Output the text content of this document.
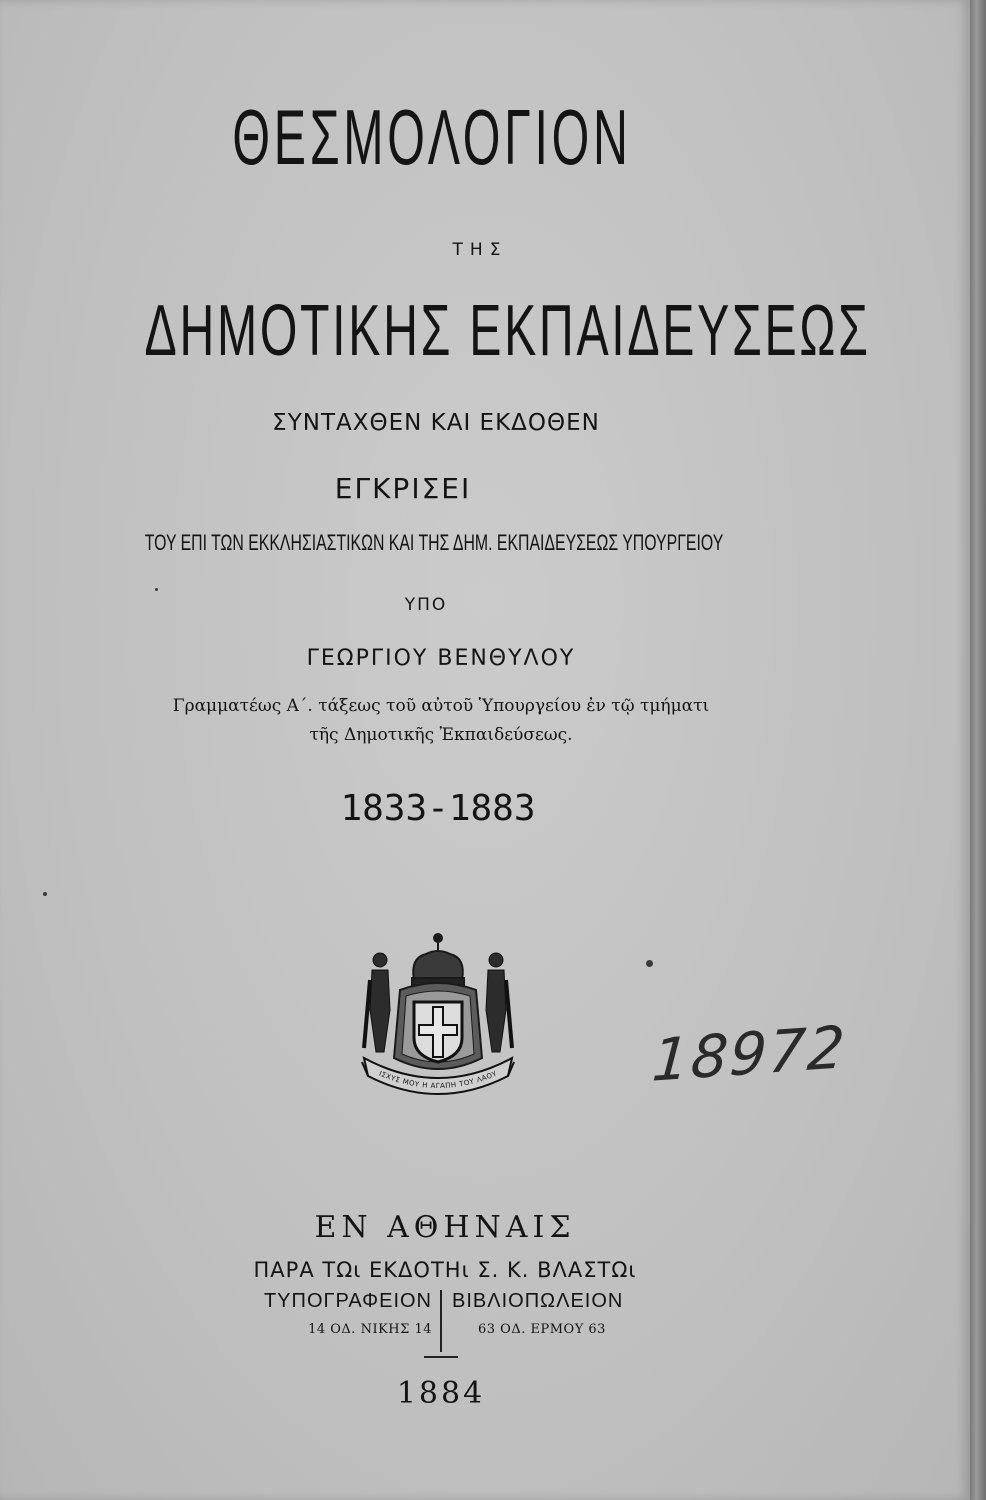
ΘΕΣΜΟΛΟΓΙΟΝ
ΤΗΣ
ΔΗΜΟΤΙΚΗΣ ΕΚΠΑΙΔΕΥΣΕΩΣ
ΣΥΝΤΑΧΘΕΝ ΚΑΙ ΕΚΔΟΘΕΝ
ΕΓΚΡΙΣΕΙ
ΤΟΥ ΕΠΙ ΤΩΝ ΕΚΚΛΗΣΙΑΣΤΙΚΩΝ ΚΑΙ ΤΗΣ ΔΗΜ. ΕΚΠΑΙΔΕΥΣΕΩΣ ΥΠΟΥΡΓΕΙΟΥ
ΥΠΟ
ΓΕΩΡΓΙΟΥ ΒΕΝΘΥΛΟΥ
Γραμματέως Α΄. τάξεως τοῦ αὐτοῦ Ὑπουργείου ἐν τῷ τμήματι
τῆς Δημοτικῆς Ἐκπαιδεύσεως.
1833-1883
ΙΣΧΥΣ ΜΟΥ Η ΑΓΑΠΗ ΤΟΥ ΛΑΟΥ	18972
ΕΝ ΑΘΗΝΑΙΣ
ΠΑΡΑ ΤΩι ΕΚΔΟΤΗι Σ. Κ. ΒΛΑΣΤΩι
ΤΥΠΟΓΡΑΦΕΙΟΝ ΒΙΒΛΙΟΠΩΛΕΙΟΝ
14 ΟΔ. ΝΙΚΗΣ 14	63 ΟΔ. ΕΡΜΟΥ 63
1884
